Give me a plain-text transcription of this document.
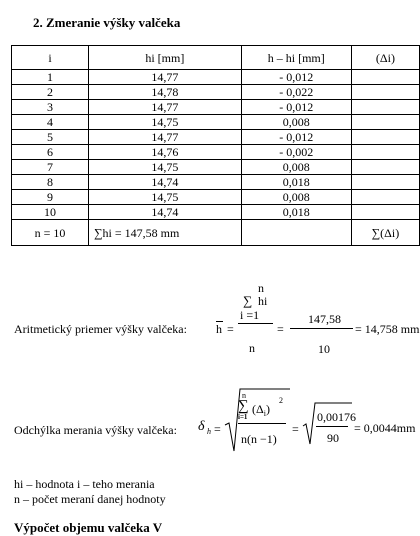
2. Zmeranie výšky valčeka
i	hi [mm]	h – hi [mm]	(Δi)
1	14,77	- 0,012	
2	14,78	- 0,022	
3	14,77	- 0,012	
4	14,75	0,008	
5	14,77	- 0,012	
6	14,76	- 0,002	
7	14,75	0,008	
8	14,74	0,018	
9	14,75	0,008	
10	14,74	0,018	
n = 10	∑hi = 147,58 mm		∑(Δi)
Aritmetický priemer výšky valčeka:
n
∑ hi
i =1
n
h =	=
147,58
10
= 14,758 mm
Odchýlka merania výšky valčeka: δ h =
n
∑ $(\Delta_i)$
2
i=1
n(n −1)
=
0,00176
90
= 0,0044mm
hi – hodnota i – teho merania
n – počet meraní danej hodnoty
Výpočet objemu valčeka V
